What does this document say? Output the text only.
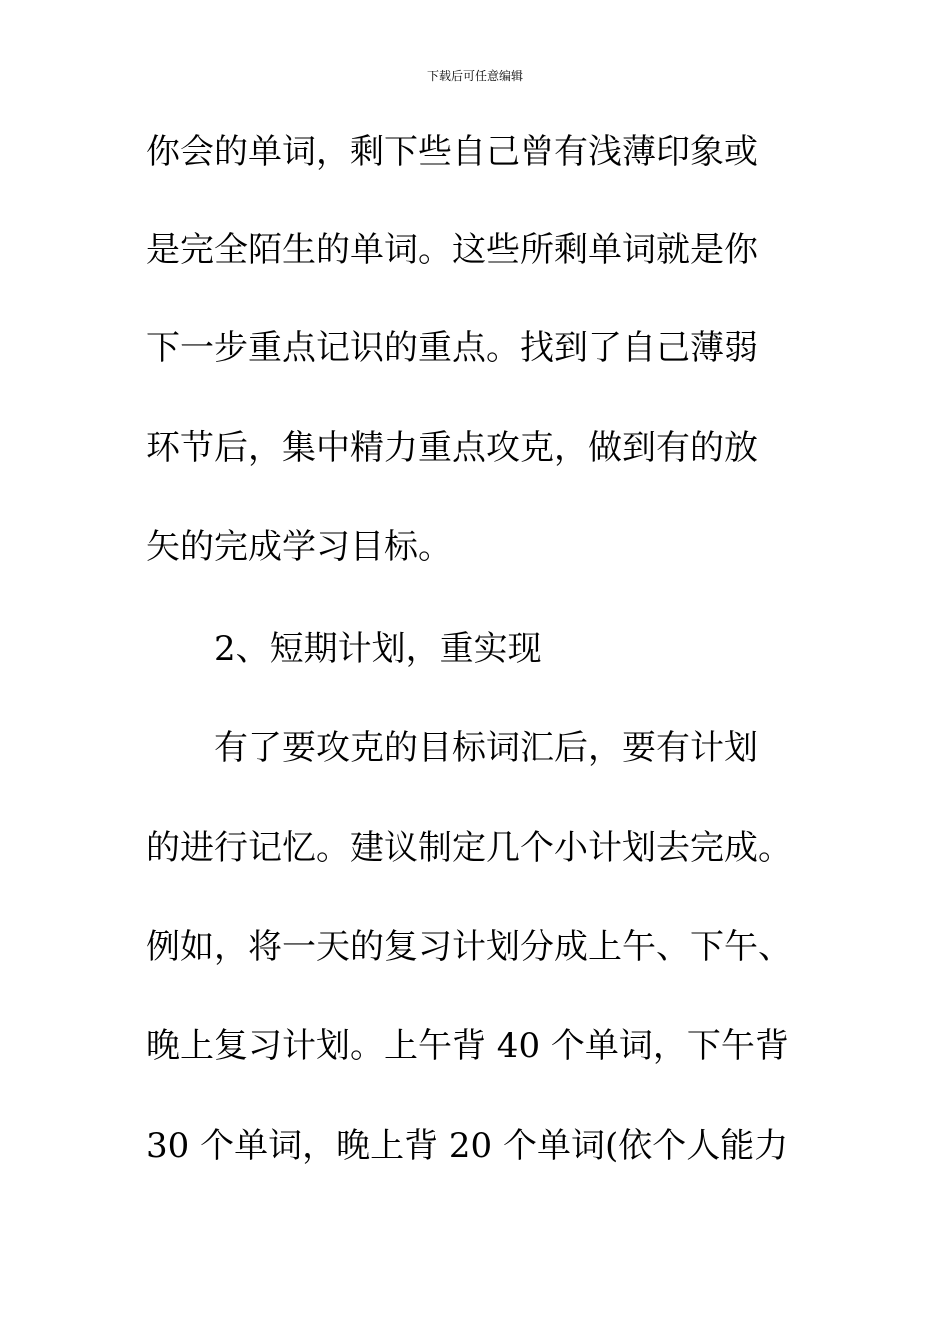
下载后可任意编辑
你会的单词，剩下些自己曾有浅薄印象或
是完全陌生的单词。这些所剩单词就是你
下一步重点记识的重点。找到了自己薄弱
环节后，集中精力重点攻克，做到有的放
矢的完成学习目标。
2、短期计划，重实现
有了要攻克的目标词汇后，要有计划
的进行记忆。建议制定几个小计划去完成。
例如，将一天的复习计划分成上午、下午、
晚上复习计划。上午背 40 个单词，下午背
30 个单词，晚上背 20 个单词(依个人能力
